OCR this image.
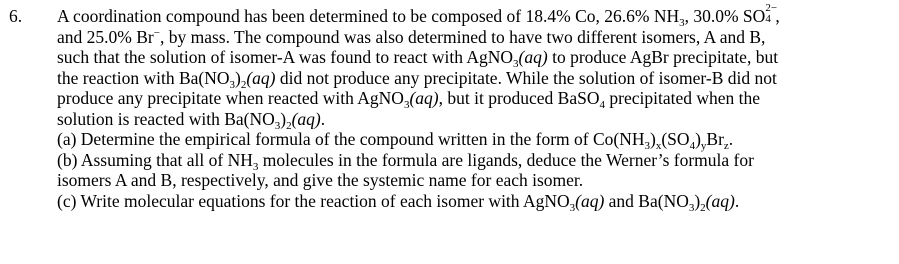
6. A coordination compound has been determined to be composed of 18.4% Co, 26.6% $NH_3$, 30.0% SO 2−
4 ,
and 25.0% Br−, by mass. The compound was also determined to have two different isomers, A and B,
such that the solution of isomer-A was found to react with AgNO$_3$(aq) to produce AgBr precipitate, but
the reaction with $Ba(NO_3)_2(aq)$ did not produce any precipitate. While the solution of isomer-B did not
produce any precipitate when reacted with AgNO$_3$(aq), but it produced BaSO$_4$ precipitated when the
solution is reacted with $Ba(NO_3)_2(aq)$.
(a) Determine the empirical formula of the compound written in the form of $Co(NH_3)_x(SO_4)_yBr_z$.
(b) Assuming that all of $NH_3$ molecules in the formula are ligands, deduce the Werner’s formula for
isomers A and B, respectively, and give the systemic name for each isomer.
(c) Write molecular equations for the reaction of each isomer with AgNO$_3$(aq) and $Ba(NO_3)_2(aq)$.
